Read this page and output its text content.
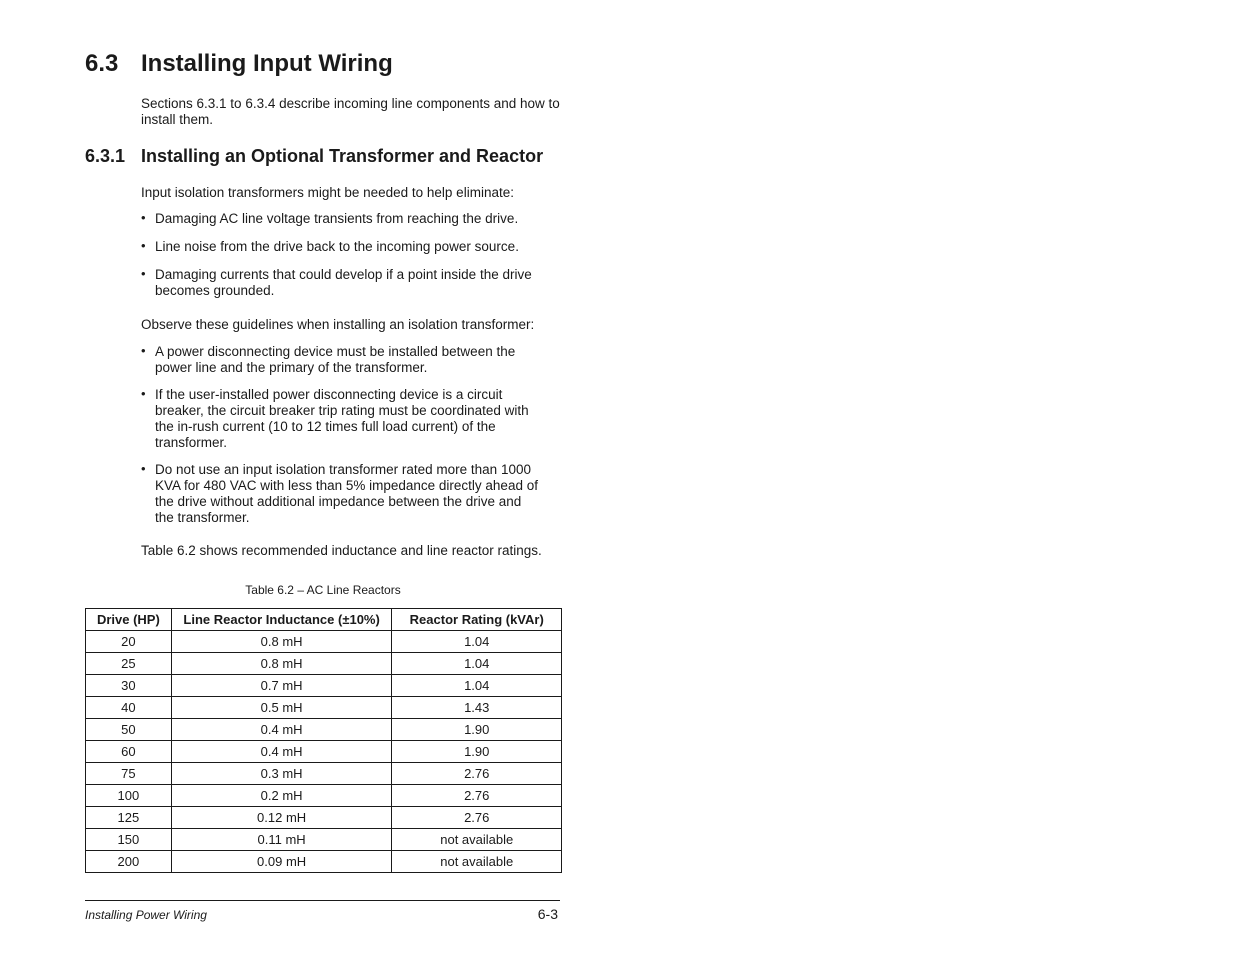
6.3 Installing Input Wiring

Sections 6.3.1 to 6.3.4 describe incoming line components and how to install them.

6.3.1 Installing an Optional Transformer and Reactor

Input isolation transformers might be needed to help eliminate:

• Damaging AC line voltage transients from reaching the drive.
• Line noise from the drive back to the incoming power source.
• Damaging currents that could develop if a point inside the drive becomes grounded.

Observe these guidelines when installing an isolation transformer:

• A power disconnecting device must be installed between the power line and the primary of the transformer.
• If the user-installed power disconnecting device is a circuit breaker, the circuit breaker trip rating must be coordinated with the in-rush current (10 to 12 times full load current) of the transformer.
• Do not use an input isolation transformer rated more than 1000 KVA for 480 VAC with less than 5% impedance directly ahead of the drive without additional impedance between the drive and the transformer.

Table 6.2 shows recommended inductance and line reactor ratings.

Table 6.2 – AC Line Reactors
Drive (HP)	Line Reactor Inductance (±10%)	Reactor Rating (kVAr)
20	0.8 mH	1.04
25	0.8 mH	1.04
30	0.7 mH	1.04
40	0.5 mH	1.43
50	0.4 mH	1.90
60	0.4 mH	1.90
75	0.3 mH	2.76
100	0.2 mH	2.76
125	0.12 mH	2.76
150	0.11 mH	not available
200	0.09 mH	not available
Installing Power Wiring	6-3
